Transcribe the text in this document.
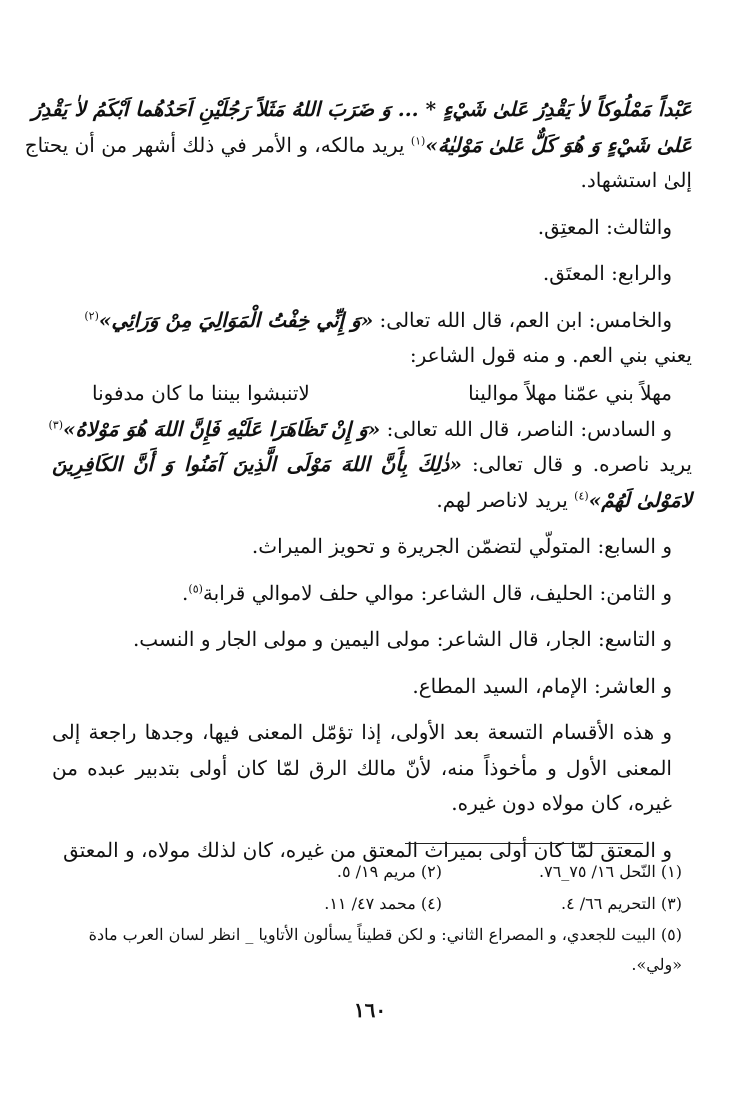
عَبْداً مَمْلُوكاً لاٰ يَقْدِرُ عَلىٰ شَيْءٍ * ... وَ ضَرَبَ اللهُ مَثَلاً رَجُلَيْنِ اَحَدُهُما اَبْكَمُ لاٰ يَقْدِرُ

عَلىٰ شَيْءٍ وَ هُوَ كَلٌّ عَلىٰ مَوْليٰهُ»$^{(١)}$ يريد مالكه، و الأمر في ذلك أشهر من أن يحتاج

إلىٰ استشهاد.

والثالث: المعتِق.

والرابع: المعتَق.

والخامس: ابن العم، قال الله تعالى: «وَ إِنِّي خِفْتُ الْمَوَالِيَ مِنْ وَرَائِي»$^{(٢)}$

يعني بني العم. و منه قول الشاعر:

مهلاً بني عمّنا مهلاً موالينا
لاتنبشوا بيننا ما كان مدفونا

و السادس: الناصر، قال الله تعالى: «وَ إِنْ تَظَاهَرَا عَلَيْهِ فَإِنَّ اللهَ هُوَ مَوْلاهُ»$^{(٣)}$

يريد ناصره. و قال تعالى: «ذٰلِكَ بِأَنَّ اللهَ مَوْلَى الَّذِينَ آمَنُوا وَ أَنَّ الكَافِرِينَ لامَوْلىٰ لَهُمْ»$^{(٤)}$ يريد لاناصر لهم.

و السابع: المتولّي لتضمّن الجريرة و تحويز الميراث.

و الثامن: الحليف، قال الشاعر: موالي حلف لاموالي قرابة$^{(٥)}$.

و التاسع: الجار، قال الشاعر: مولى اليمين و مولى الجار و النسب.

و العاشر: الإمام، السيد المطاع.

و هذه الأقسام التسعة بعد الأولى، إذا تؤمّل المعنى فيها، وجدها راجعة إلى المعنى الأول و مأخوذاً منه، لأنّ مالك الرق لمّا كان أولى بتدبير عبده من غيره، كان مولاه دون غيره.

و المعتق لمّا كان أولى بميراث المعتق من غيره، كان لذلك مولاه، و المعتق

(١) النّحل ١٦/ ٧٥_٧٦.
(٢) مريم ١٩/ ٥.
(٣) التحريم ٦٦/ ٤.
(٤) محمد ٤٧/ ١١.
(٥) البيت للجعدي، و المصراع الثاني: و لكن قطيناً يسألون الأتاويا _ انظر لسان العرب مادة «ولي».
١٦٠
